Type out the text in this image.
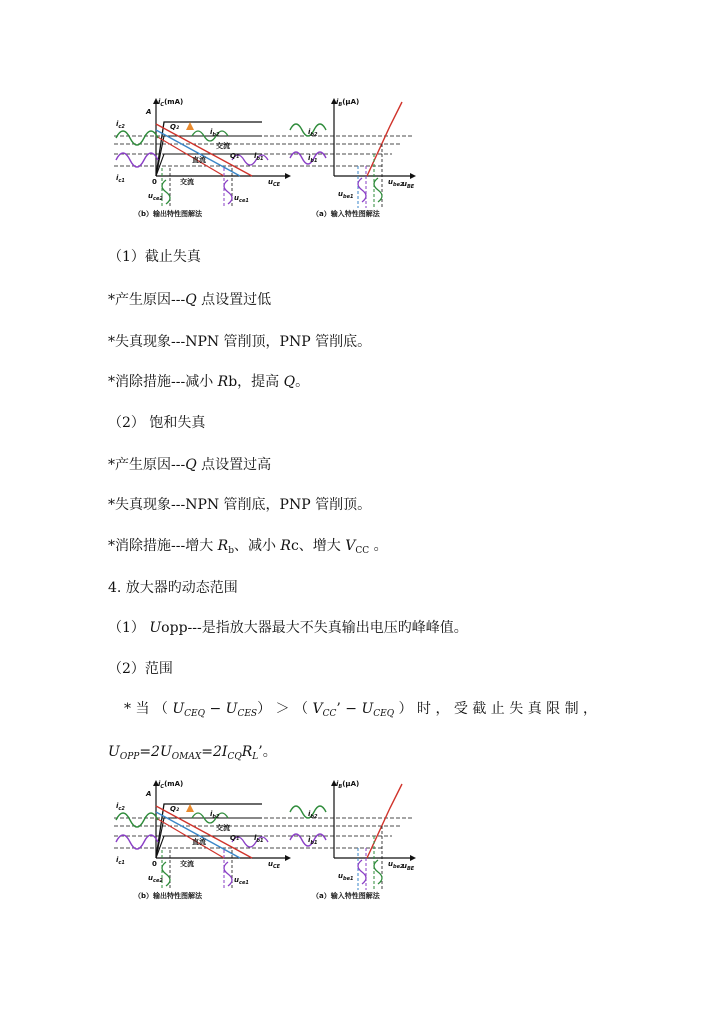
$i_C(mA)$	$i_B(\mu A)$
A
Q₂
Q₁
$i_{c2}$
$i_{c1}$
$i_{b2}$	$i_{b2}$
$i_{b1}$	$i_{b1}$
交流
直流
交流
0	$u_{CE}$	$u_{BE}$
$u_{ce2}$	$u_{ce1}$
$u_{be1}$
$u_{be2}$
（b）输出特性图解法	（a）输入特性图解法
（1）截止失真
*产生原因---Q 点设置过低
*失真现象---NPN 管削顶，PNP 管削底。
*消除措施---减小 Rb，提高 Q。
（2） 饱和失真
*产生原因---Q 点设置过高
*失真现象---NPN 管削底，PNP 管削顶。
*消除措施---增大 $R_b$、减小 Rc、增大 $V_{CC}$ 。
4. 放大器旳动态范围
（1） Uopp---是指放大器最大不失真输出电压旳峰峰值。
（2）范围
* 当 （ $U_{CEQ} - U_{CES}$） ＞ （ $V_{CC}$’ − $U_{CEQ}$ ） 时 ， 受 截 止 失 真 限 制 ，
$U_{OPP}=2U_{OMAX}=2I_{CQ}R_L$’。
$i_C(mA)$	$i_B(\mu A)$
A
Q₂
Q₁
$i_{c2}$
$i_{c1}$
$i_{b2}$	$i_{b2}$
$i_{b1}$	$i_{b1}$
交流
直流
交流
0	$u_{CE}$	$u_{BE}$
$u_{ce2}$	$u_{ce1}$
$u_{be1}$
$u_{be2}$
（b）输出特性图解法	（a）输入特性图解法
